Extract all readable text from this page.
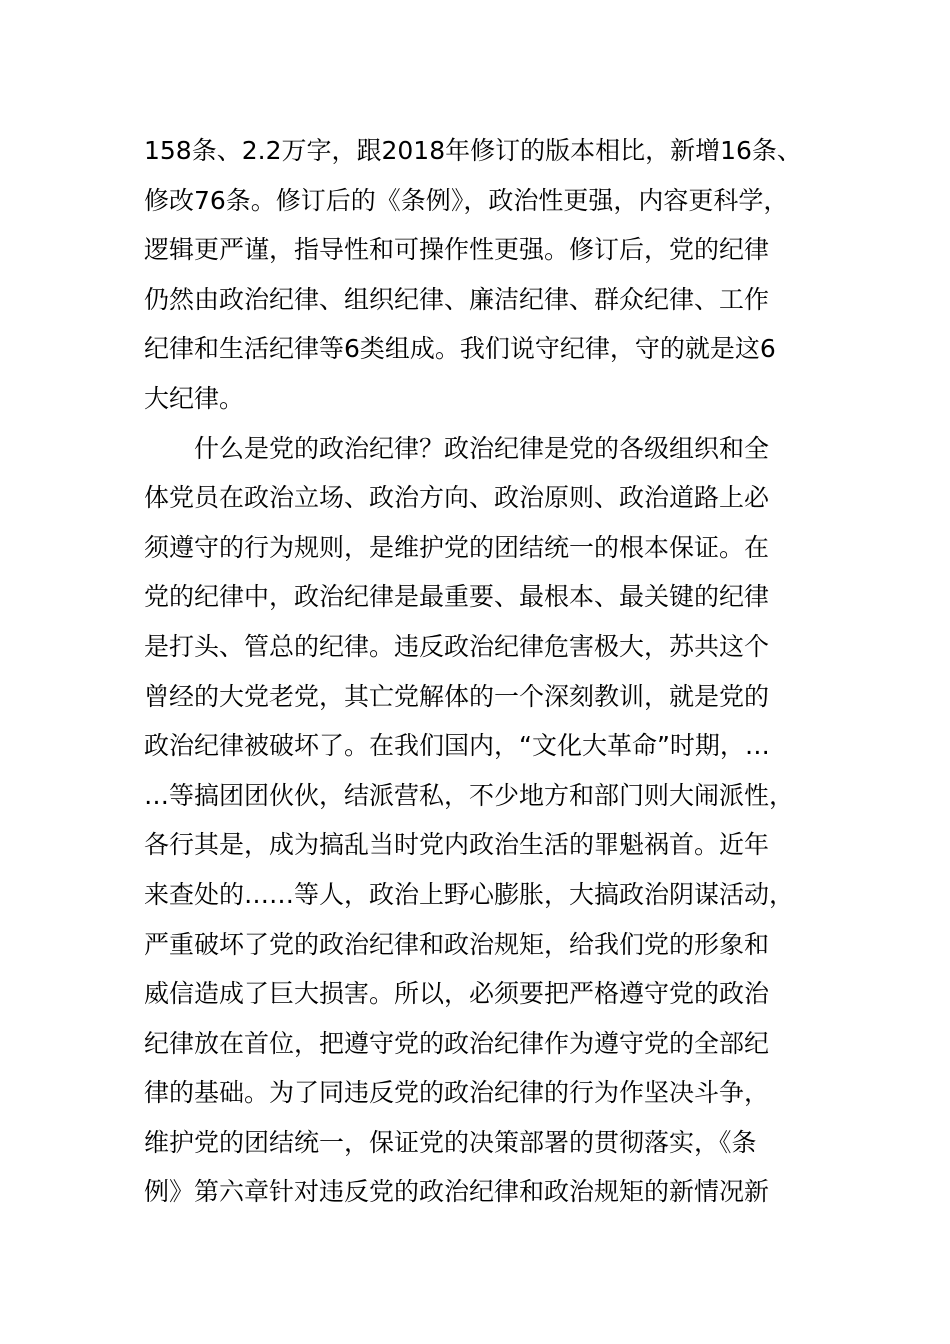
158条、2.2万字，跟2018年修订的版本相比，新增16条、
修改76条。修订后的《条例》，政治性更强，内容更科学，
逻辑更严谨，指导性和可操作性更强。修订后，党的纪律
仍然由政治纪律、组织纪律、廉洁纪律、群众纪律、工作
纪律和生活纪律等6类组成。我们说守纪律，守的就是这6
大纪律。
什么是党的政治纪律？政治纪律是党的各级组织和全
体党员在政治立场、政治方向、政治原则、政治道路上必
须遵守的行为规则，是维护党的团结统一的根本保证。在
党的纪律中，政治纪律是最重要、最根本、最关键的纪律
是打头、管总的纪律。违反政治纪律危害极大，苏共这个
曾经的大党老党，其亡党解体的一个深刻教训，就是党的
政治纪律被破坏了。在我们国内，“文化大革命”时期，…
…等搞团团伙伙，结派营私，不少地方和部门则大闹派性，
各行其是，成为搞乱当时党内政治生活的罪魁祸首。近年
来查处的……等人，政治上野心膨胀，大搞政治阴谋活动，
严重破坏了党的政治纪律和政治规矩，给我们党的形象和
威信造成了巨大损害。所以，必须要把严格遵守党的政治
纪律放在首位，把遵守党的政治纪律作为遵守党的全部纪
律的基础。为了同违反党的政治纪律的行为作坚决斗争，
维护党的团结统一，保证党的决策部署的贯彻落实，《条
例》第六章针对违反党的政治纪律和政治规矩的新情况新
